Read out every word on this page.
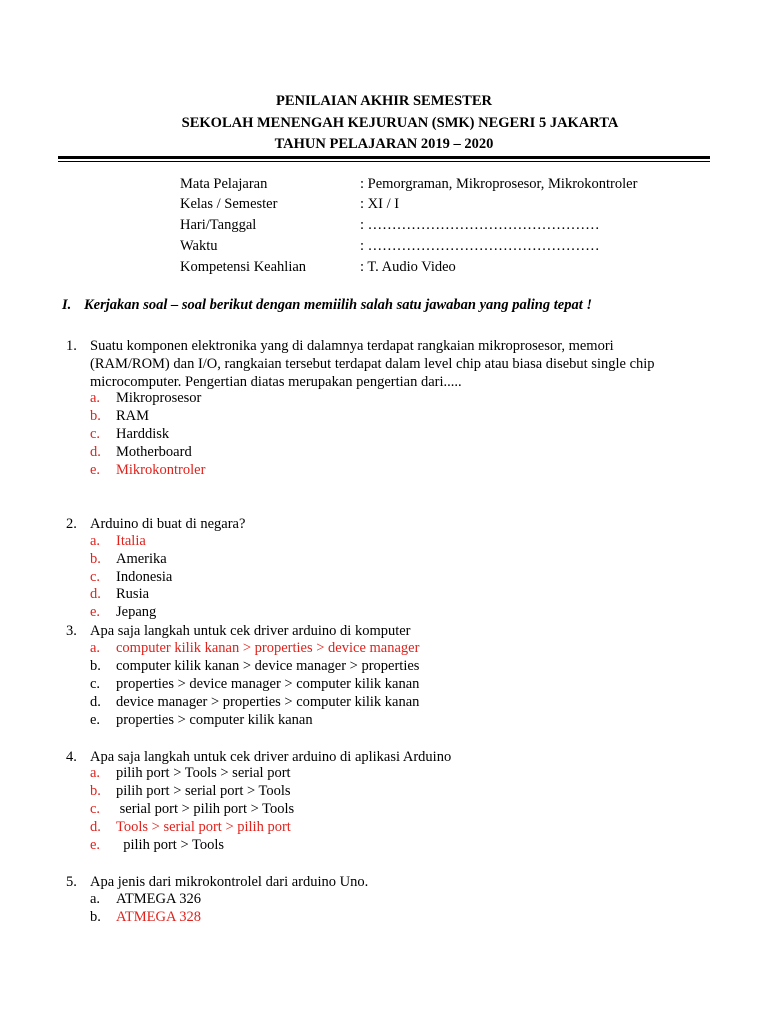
PENILAIAN AKHIR SEMESTER
SEKOLAH MENENGAH KEJURUAN (SMK) NEGERI 5 JAKARTA
TAHUN PELAJARAN 2019 – 2020
Mata Pelajaran	: Pemorgraman, Mikroprosesor, Mikrokontroler
Kelas / Semester	: XI / I
Hari/Tanggal	: …………………………………………
Waktu	: …………………………………………
Kompetensi Keahlian	: T. Audio Video
I. Kerjakan soal – soal berikut dengan memiilih salah satu jawaban yang paling tepat !
1. Suatu komponen elektronika yang di dalamnya terdapat rangkaian mikroprosesor, memori (RAM/ROM) dan I/O, rangkaian tersebut terdapat dalam level chip atau biasa disebut single chip microcomputer. Pengertian diatas merupakan pengertian dari.....
a. Mikroprosesor
b. RAM
c. Harddisk
d. Motherboard
e. Mikrokontroler
2. Arduino di buat di negara?
a. Italia
b. Amerika
c. Indonesia
d. Rusia
e. Jepang
3. Apa saja langkah untuk cek driver arduino di komputer
a. computer kilik kanan > properties > device manager
b. computer kilik kanan > device manager > properties
c. properties > device manager > computer kilik kanan
d. device manager > properties > computer kilik kanan
e. properties > computer kilik kanan
4. Apa saja langkah untuk cek driver arduino di aplikasi Arduino
a. pilih port > Tools > serial port
b. pilih port > serial port > Tools
c. serial port > pilih port > Tools
d. Tools > serial port > pilih port
e. pilih port > Tools
5. Apa jenis dari mikrokontrolel dari arduino Uno.
a. ATMEGA 326
b. ATMEGA 328
